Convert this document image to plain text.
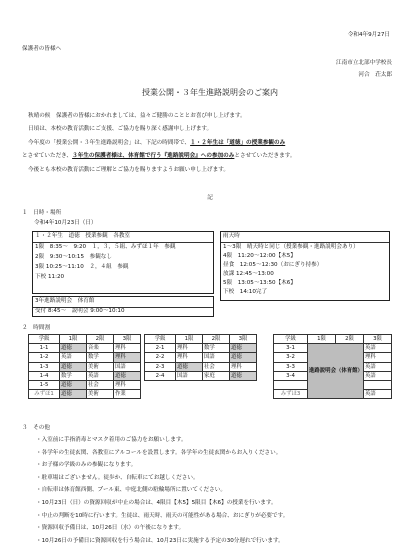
令和4年9月27日
保護者の皆様へ
江南市立北部中学校長
河合　荘太郎
授業公開・３年生進路説明会のご案内
秋晴の候　保護者の皆様におかれましては、益々ご健勝のこととお喜び申し上げます。
日頃は、本校の教育活動にご支援、ご協力を賜り深く感謝申し上げます。
今年度の「授業公開・３年生進路説明会」は、下記の時間帯で、１・２年生は「道徳」の授業参観のみ
とさせていただき、３年生の保護者様は、体育館で行う『進路説明会』への参加のみとさせていただきます。
今後とも本校の教育活動にご理解とご協力を賜りますようお願い申し上げます。
記
１　日時・場所
令和4年10月23日（日）
１・２年生　道徳　授業参観　各教室
1限　8:35～　9:20　１，３，５組、みずほ１年　参観
2限　9:30～10:15　参観なし
3限 10:25～11:10　２，４組　参観
下校 11:20
3年進路説明会　体育館
受付 8:45～　説明会 9:00～10:10
雨天時
1～3限　晴天時と同じ（授業参観・進路説明会あり）
4限　11:20～12:00【木5】
昼食　12:05～12:30（おにぎり持参）
放課 12:45～13:00
5限　13:05～13:50【木6】
下校　14:10完了
２　時間割
学級	1限	2限	3限
1-1	道徳	音楽	理科
1-2	英語	数学	理科
1-3	道徳	美術	国語
1-4	数学	英語	道徳
1-5	道徳	社会	理科
みずほ1	道徳	美術	作業
学級	1限	2限	3限
2-1	理科	数学	道徳
2-2	理科	国語	道徳
2-3	道徳	社会	理科
2-4	国語	家庭	道徳
学級	1限	2限	3限
3-1	進路説明会（体育館）		英語
3-2			理科
3-3			英語
3-4			英語

みずほ3			英語
３　その他
・入室前に手指消毒とマスク着用のご協力をお願いします。
・各学年の生徒玄関、各教室にアルコールを設置します。各学年の生徒玄関からお入りください。
・お子様の学級のみの参観になります。
・駐車場はございません。徒歩か、自転車にてお越しください。
・自転車は体育館西側、プール東、中庭北側の駐輪場所に置いてください。
・10月23日（日）の資源回収が中止の場合は、4限目【木5】5限目【木6】の授業を行います。
・中止の判断を10時に行います。生徒は、雨天時、雨天の可能性がある場合、おにぎりが必要です。
・資源回収予備日は、10月26日（水）の午後になります。
・10月26日の予備日に資源回収を行う場合は、10月23日に実施する予定の30分遅れで行います。
